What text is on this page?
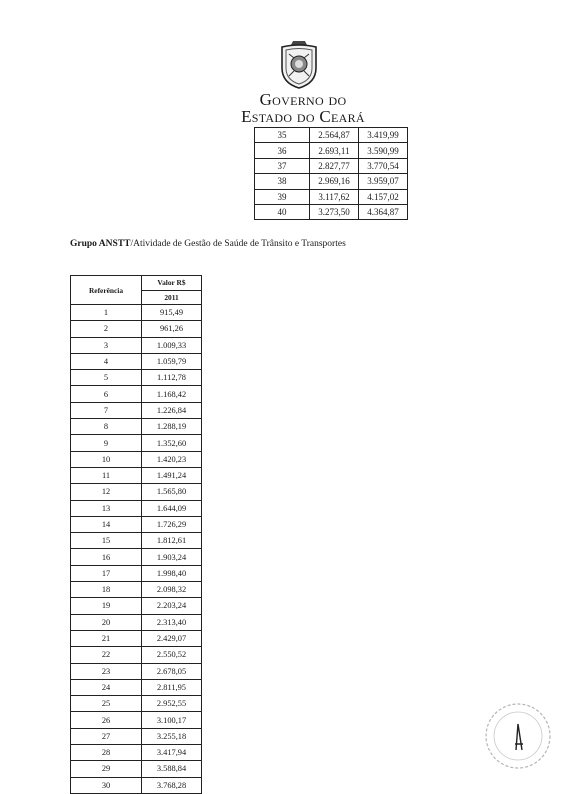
Governo do
Estado do Ceará
35	2.564,87	3.419,99
36	2.693,11	3.590,99
37	2.827,77	3.770,54
38	2.969,16	3.959,07
39	3.117,62	4.157,02
40	3.273,50	4.364,87
Grupo ANSTT/Atividade de Gestão de Saúde de Trânsito e Transportes
Referência	Valor R$
	2011
1	915,49
2	961,26
3	1.009,33
4	1.059,79
5	1.112,78
6	1.168,42
7	1.226,84
8	1.288,19
9	1.352,60
10	1.420,23
11	1.491,24
12	1.565,80
13	1.644,09
14	1.726,29
15	1.812,61
16	1.903,24
17	1.998,40
18	2.098,32
19	2.203,24
20	2.313,40
21	2.429,07
22	2.550,52
23	2.678,05
24	2.811,95
25	2.952,55
26	3.100,17
27	3.255,18
28	3.417,94
29	3.588,84
30	3.768,28
